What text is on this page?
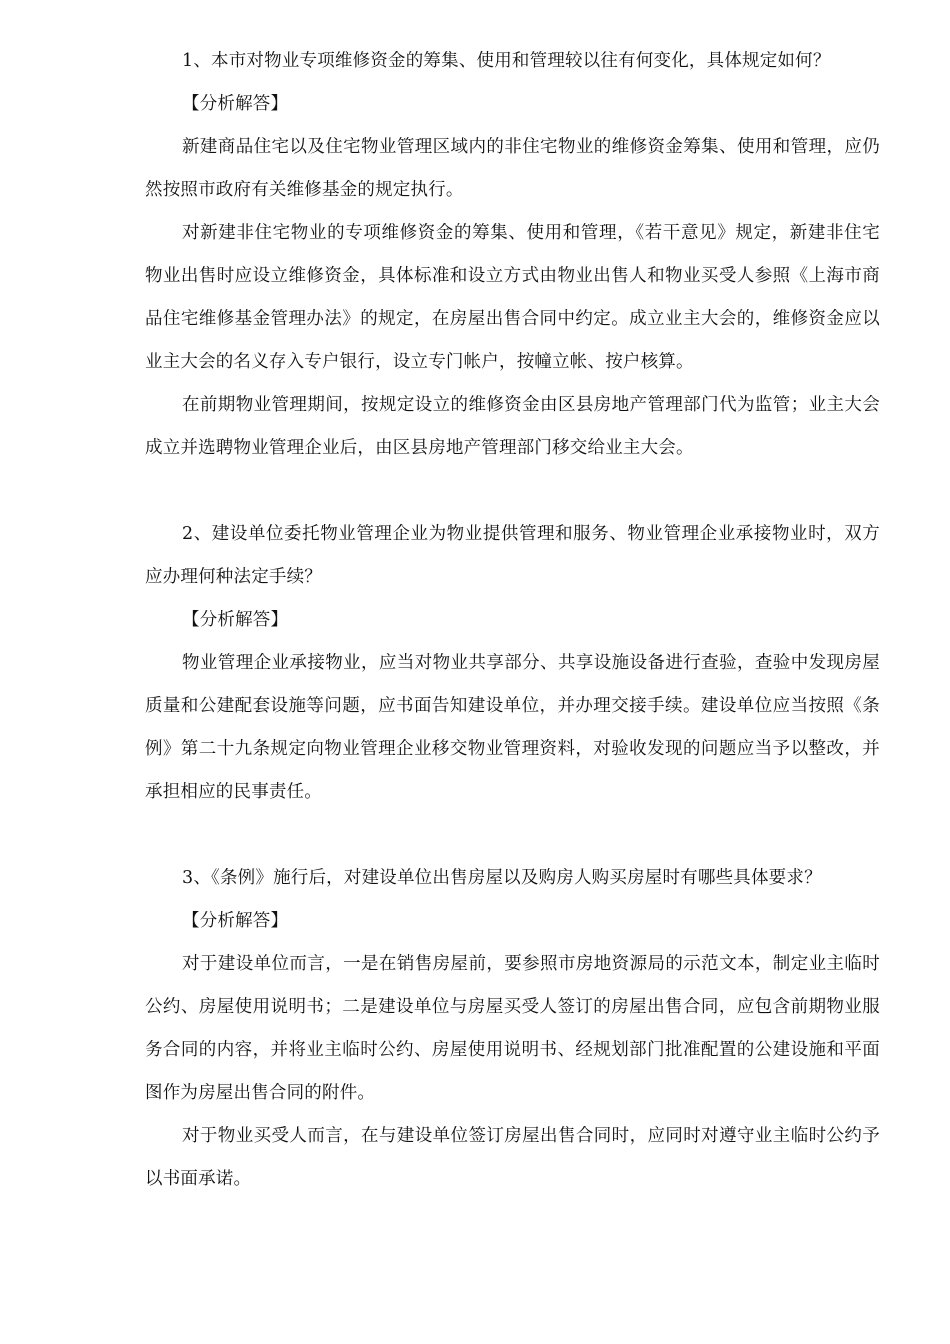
1、本市对物业专项维修资金的筹集、使用和管理较以往有何变化，具体规定如何？

【分析解答】

新建商品住宅以及住宅物业管理区域内的非住宅物业的维修资金筹集、使用和管理，应仍然按照市政府有关维修基金的规定执行。

对新建非住宅物业的专项维修资金的筹集、使用和管理，《若干意见》规定，新建非住宅物业出售时应设立维修资金，具体标准和设立方式由物业出售人和物业买受人参照《上海市商品住宅维修基金管理办法》的规定，在房屋出售合同中约定。成立业主大会的，维修资金应以业主大会的名义存入专户银行，设立专门帐户，按幢立帐、按户核算。

在前期物业管理期间，按规定设立的维修资金由区县房地产管理部门代为监管；业主大会成立并选聘物业管理企业后，由区县房地产管理部门移交给业主大会。

2、建设单位委托物业管理企业为物业提供管理和服务、物业管理企业承接物业时，双方应办理何种法定手续？

【分析解答】

物业管理企业承接物业，应当对物业共享部分、共享设施设备进行查验，查验中发现房屋质量和公建配套设施等问题，应书面告知建设单位，并办理交接手续。建设单位应当按照《条例》第二十九条规定向物业管理企业移交物业管理资料，对验收发现的问题应当予以整改，并承担相应的民事责任。

3、《条例》施行后，对建设单位出售房屋以及购房人购买房屋时有哪些具体要求？

【分析解答】

对于建设单位而言，一是在销售房屋前，要参照市房地资源局的示范文本，制定业主临时公约、房屋使用说明书；二是建设单位与房屋买受人签订的房屋出售合同，应包含前期物业服务合同的内容，并将业主临时公约、房屋使用说明书、经规划部门批准配置的公建设施和平面图作为房屋出售合同的附件。

对于物业买受人而言，在与建设单位签订房屋出售合同时，应同时对遵守业主临时公约予以书面承诺。
